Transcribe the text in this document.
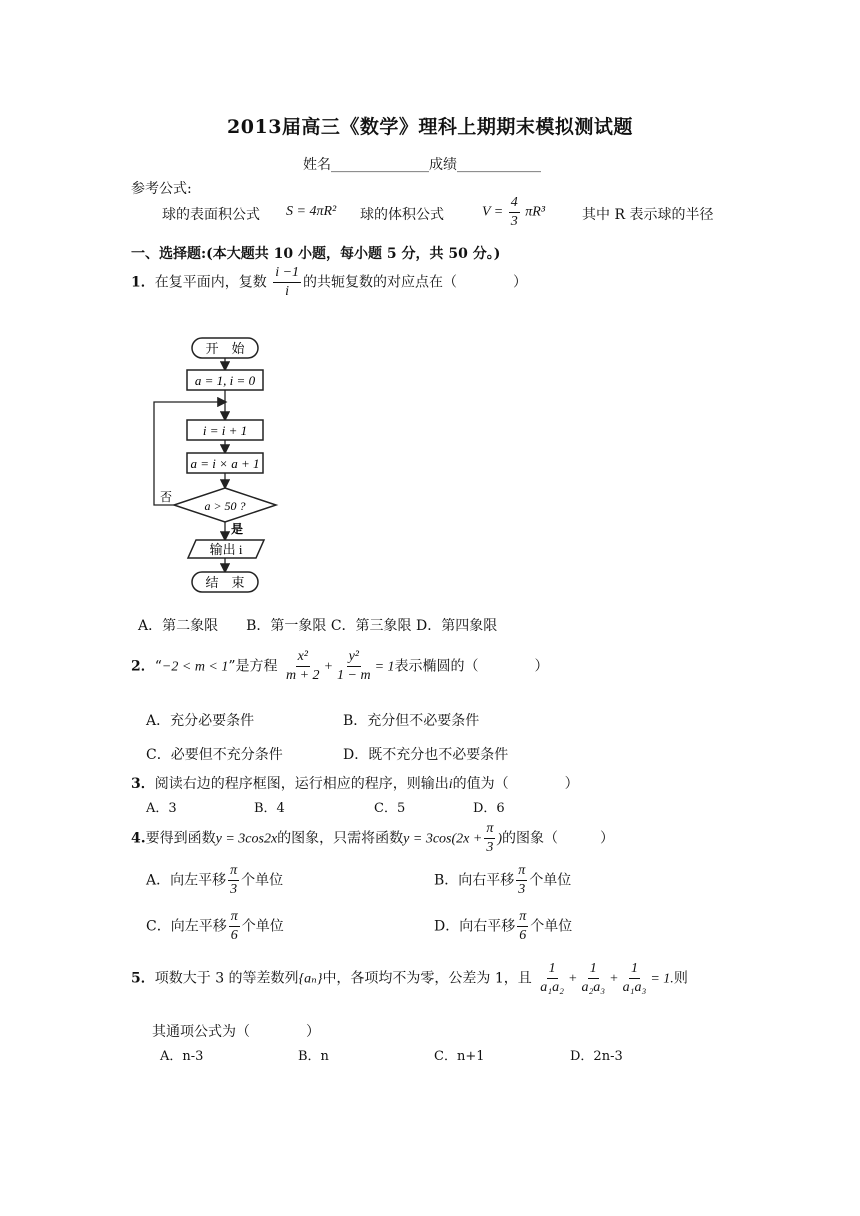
2013届高三《数学》理科上期期末模拟测试题
姓名______________成绩____________
参考公式:
球的表面积公式 S = 4πR² 球的体积公式	$V = \frac{4}{3} \pi R^3$	其中 R 表示球的半径
一、选择题:(本大题共 10 小题，每小题 5 分，共 50 分。)
1．在复平面内，复数 $\frac{i -1}{i}$ 的共轭复数的对应点在（　　　　）
开　始
a = 1, i = 0
i = i + 1
a = i × a + 1
a > 50 ?
否
是
输出 i
结　束
A．第二象限　　B．第一象限 C．第三象限 D．第四象限
2．“−2 < m < 1”是方程 $\frac{\text{x²}}{m + 2} + \frac{\text{y²}}{1 - m} = 1$表示椭圆的（　　　　）
A．充分必要条件	B．充分但不必要条件
C．必要但不充分条件	D．既不充分也不必要条件
3．阅读右边的程序框图，运行相应的程序，则输出i的值为（　　　　）
A．3	B．4	C．5	D．6
4.要得到函数y = 3cos2x的图象，只需将函数$y = 3\cos(2x + \frac{\pi}{3}$ )的图象（　　　）
A．向左平移 $\frac{\pi}{3}$ 个单位	B．向右平移 $\frac{\pi}{3}$ 个单位
C．向左平移 $\frac{\pi}{6}$ 个单位	D．向右平移 $\frac{\pi}{6}$ 个单位
5．项数大于 3 的等差数列{aₙ}中，各项均不为零，公差为 1，且 $\frac{1}{\text{a₁a₂}} + \frac{1}{\text{a₂a₃}} + \frac{1}{\text{a₁a₃}} = 1$.则
其通项公式为（　　　　）
A．n-3	B．n	C．n+1	D．2n-3
